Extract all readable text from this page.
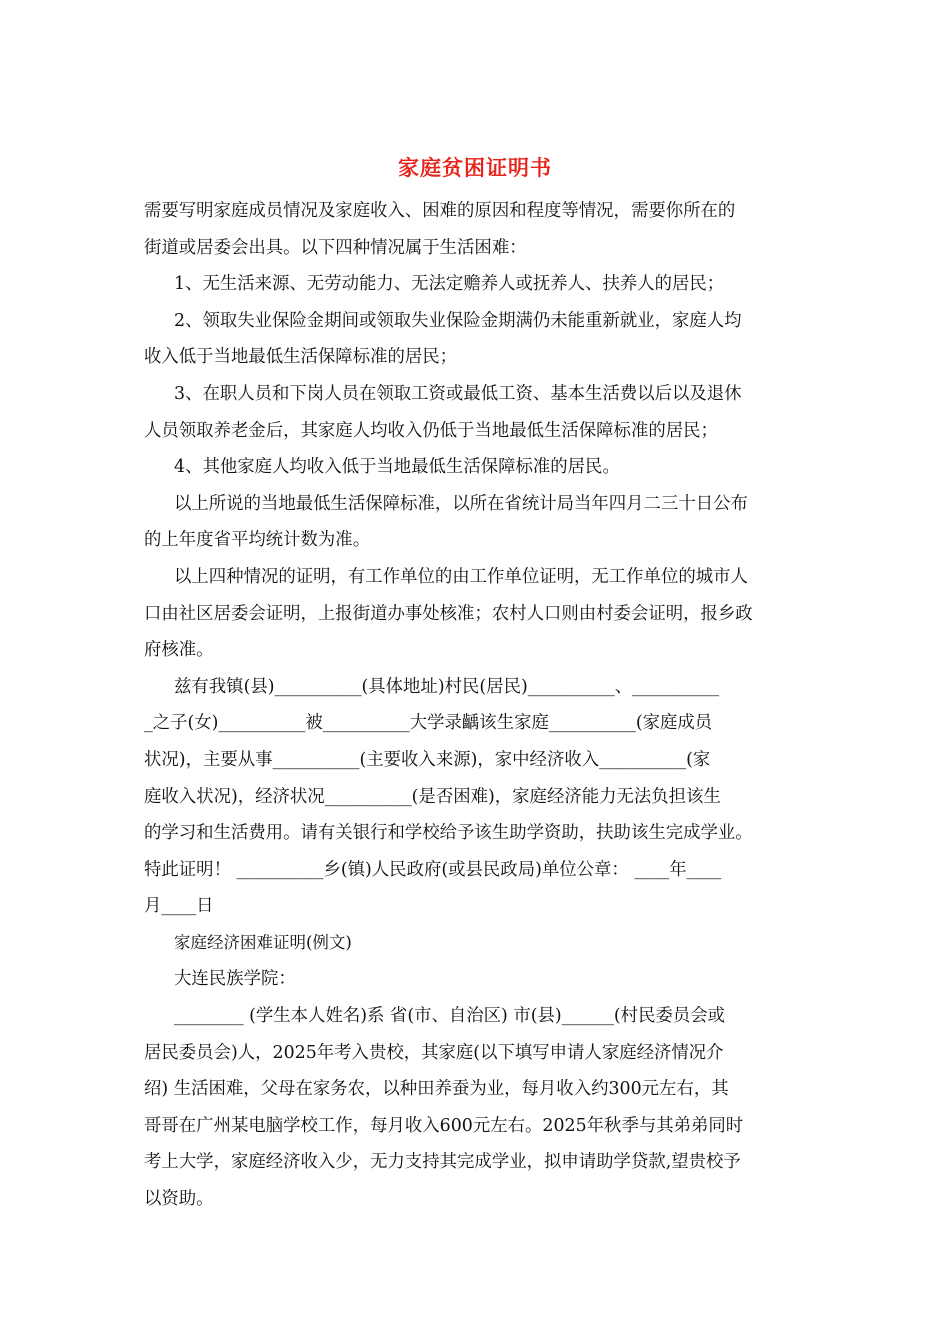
家庭贫困证明书

需要写明家庭成员情况及家庭收入、困难的原因和程度等情况，需要你所在的

街道或居委会出具。以下四种情况属于生活困难：

1、无生活来源、无劳动能力、无法定赡养人或抚养人、扶养人的居民；

2、领取失业保险金期间或领取失业保险金期满仍未能重新就业，家庭人均

收入低于当地最低生活保障标准的居民；

3、在职人员和下岗人员在领取工资或最低工资、基本生活费以后以及退休

人员领取养老金后，其家庭人均收入仍低于当地最低生活保障标准的居民；

4、其他家庭人均收入低于当地最低生活保障标准的居民。

以上所说的当地最低生活保障标准，以所在省统计局当年四月二三十日公布

的上年度省平均统计数为准。

以上四种情况的证明，有工作单位的由工作单位证明，无工作单位的城市人

口由社区居委会证明，上报街道办事处核准；农村人口则由村委会证明，报乡政

府核准。

兹有我镇(县)__________(具体地址)村民(居民)__________、__________

_之子(女)__________被__________大学录齲该生家庭__________(家庭成员

状况)，主要从事__________(主要收入来源)，家中经济收入__________(家

庭收入状况)，经济状况__________(是否困难)，家庭经济能力无法负担该生

的学习和生活费用。请有关银行和学校给予该生助学资助，扶助该生完成学业。

特此证明！ __________乡(镇)人民政府(或县民政局)单位公章： ____年____

月____日

家庭经济困难证明(例文)

大连民族学院：

________ (学生本人姓名)系 省(市、自治区) 市(县)______(村民委员会或

居民委员会)人，2025年考入贵校，其家庭(以下填写申请人家庭经济情况介

绍) 生活困难，父母在家务农，以种田养蚕为业，每月收入约300元左右，其

哥哥在广州某电脑学校工作，每月收入600元左右。2025年秋季与其弟弟同时

考上大学，家庭经济收入少，无力支持其完成学业，拟申请助学贷款,望贵校予

以资助。
